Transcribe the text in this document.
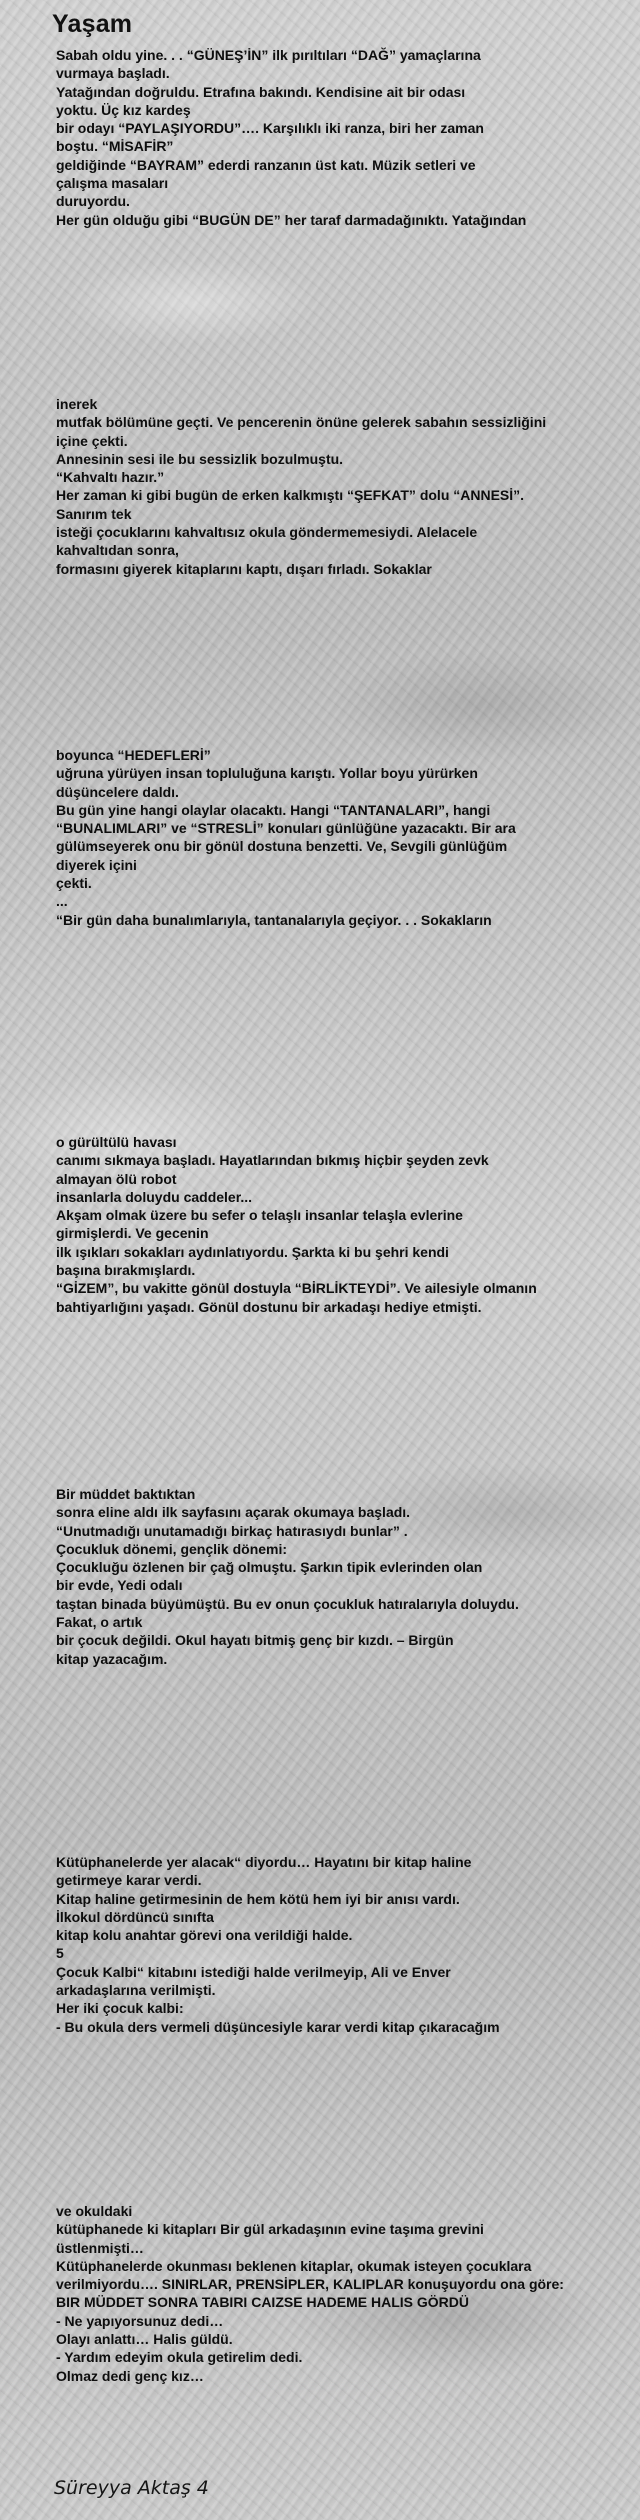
Yaşam
Sabah oldu yine. . . “GÜNEŞ’İN” ilk pırıltıları “DAĞ” yamaçlarına
vurmaya başladı.
Yatağından doğruldu. Etrafına bakındı. Kendisine ait bir odası
yoktu. Üç kız kardeş
bir odayı “PAYLAŞIYORDU”…. Karşılıklı iki ranza, biri her zaman
boştu. “MİSAFİR”
geldiğinde “BAYRAM” ederdi ranzanın üst katı. Müzik setleri ve
çalışma masaları
duruyordu.
Her gün olduğu gibi “BUGÜN DE” her taraf darmadağınıktı. Yatağından
inerek
mutfak bölümüne geçti. Ve pencerenin önüne gelerek sabahın sessizliğini
içine çekti.
Annesinin sesi ile bu sessizlik bozulmuştu.
“Kahvaltı hazır.”
Her zaman ki gibi bugün de erken kalkmıştı “ŞEFKAT” dolu “ANNESİ”.
Sanırım tek
isteği çocuklarını kahvaltısız okula göndermemesiydi. Alelacele
kahvaltıdan sonra,
formasını giyerek kitaplarını kaptı, dışarı fırladı. Sokaklar
boyunca “HEDEFLERİ”
uğruna yürüyen insan topluluğuna karıştı. Yollar boyu yürürken
düşüncelere daldı.
Bu gün yine hangi olaylar olacaktı. Hangi “TANTANALARI”, hangi
“BUNALIMLARI” ve “STRESLİ” konuları günlüğüne yazacaktı. Bir ara
gülümseyerek onu bir gönül dostuna benzetti. Ve, Sevgili günlüğüm
diyerek içini
çekti.
...
“Bir gün daha bunalımlarıyla, tantanalarıyla geçiyor. . . Sokakların
o gürültülü havası
canımı sıkmaya başladı. Hayatlarından bıkmış hiçbir şeyden zevk
almayan ölü robot
insanlarla doluydu caddeler...
Akşam olmak üzere bu sefer o telaşlı insanlar telaşla evlerine
girmişlerdi. Ve gecenin
ilk ışıkları sokakları aydınlatıyordu. Şarkta ki bu şehri kendi
başına bırakmışlardı.
“GİZEM”, bu vakitte gönül dostuyla “BİRLİKTEYDİ”. Ve ailesiyle olmanın
bahtiyarlığını yaşadı. Gönül dostunu bir arkadaşı hediye etmişti.
Bir müddet baktıktan
sonra eline aldı ilk sayfasını açarak okumaya başladı.
“Unutmadığı unutamadığı birkaç hatırasıydı bunlar” .
Çocukluk dönemi, gençlik dönemi:
Çocukluğu özlenen bir çağ olmuştu. Şarkın tipik evlerinden olan
bir evde, Yedi odalı
taştan binada büyümüştü. Bu ev onun çocukluk hatıralarıyla doluydu.
Fakat, o artık
bir çocuk değildi. Okul hayatı bitmiş genç bir kızdı. – Birgün
kitap yazacağım.
Kütüphanelerde yer alacak“ diyordu… Hayatını bir kitap haline
getirmeye karar verdi.
Kitap haline getirmesinin de hem kötü hem iyi bir anısı vardı.
İlkokul dördüncü sınıfta
kitap kolu anahtar görevi ona verildiği halde.
5
Çocuk Kalbi“ kitabını istediği halde verilmeyip, Ali ve Enver
arkadaşlarına verilmişti.
Her iki çocuk kalbi:
- Bu okula ders vermeli düşüncesiyle karar verdi kitap çıkaracağım
ve okuldaki
kütüphanede ki kitapları Bir gül arkadaşının evine taşıma grevini
üstlenmişti…
Kütüphanelerde okunması beklenen kitaplar, okumak isteyen çocuklara
verilmiyordu…. SINIRLAR, PRENSİPLER, KALIPLAR konuşuyordu ona göre:
BIR MÜDDET SONRA TABIRI CAIZSE HADEME HALIS GÖRDÜ
- Ne yapıyorsunuz dedi…
Olayı anlattı… Halis güldü.
- Yardım edeyim okula getirelim dedi.
Olmaz dedi genç kız…

Süreyya Aktaş 4
